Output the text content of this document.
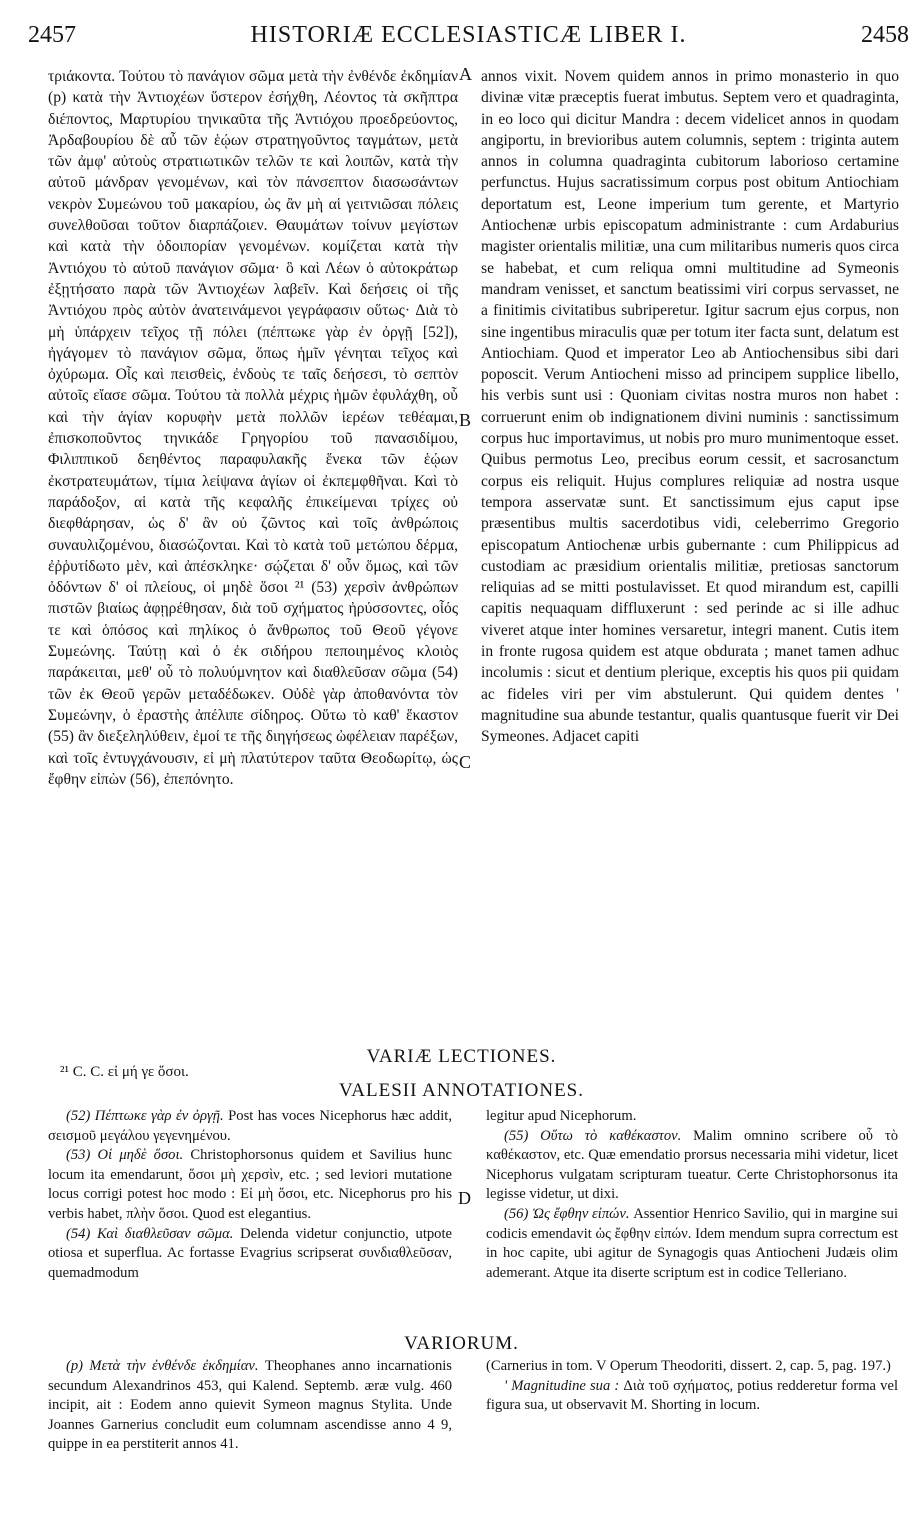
2457	HISTORIÆ ECCLESIASTICÆ LIBER I.	2458
τριάκοντα. Τούτου τὸ πανάγιον σῶμα μετὰ τὴν ἐνθένδε ἐκδημίαν (p) κατὰ τὴν Ἀντιοχέων ὕστερον ἐσήχθη, Λέοντος τὰ σκῆπτρα διέποντος, Μαρτυρίου τηνικαῦτα τῆς Ἀντιόχου προεδρεύοντος, Ἀρδαβουρίου δὲ αὖ τῶν ἑῴων στρατηγοῦντος ταγμάτων, μετὰ τῶν ἀμφ' αὐτοὺς στρατιωτικῶν τελῶν τε καὶ λοιπῶν, κατὰ τὴν αὐτοῦ μάνδραν γενομένων, καὶ τὸν πάνσεπτον διασωσάντων νεκρὸν Συμεώνου τοῦ μακαρίου, ὡς ἂν μὴ αἱ γειτνιῶσαι πόλεις συνελθοῦσαι τοῦτον διαρπάζοιεν. Θαυμάτων τοίνυν μεγίστων καὶ κατὰ τὴν ὁδοιπορίαν γενομένων. κομίζεται κατὰ τὴν Ἀντιόχου τὸ αὐτοῦ πανάγιον σῶμα· ὃ καὶ Λέων ὁ αὐτοκράτωρ ἐξῃτήσατο παρὰ τῶν Ἀντιοχέων λαβεῖν. Καὶ δεήσεις οἱ τῆς Ἀντιόχου πρὸς αὐτὸν ἀνατεινάμενοι γεγράφασιν οὕτως· Διὰ τὸ μὴ ὑπάρχειν τεῖχος τῇ πόλει (πέπτωκε γὰρ ἐν ὀργῇ [52]), ἠγάγομεν τὸ πανάγιον σῶμα, ὅπως ἡμῖν γένηται τεῖχος καὶ ὀχύρωμα. Οἷς καὶ πεισθεὶς, ἐνδοὺς τε ταῖς δεήσεσι, τὸ σεπτὸν αὐτοῖς εἴασε σῶμα. Τούτου τὰ πολλὰ μέχρις ἡμῶν ἐφυλάχθη, οὗ καὶ τὴν ἁγίαν κορυφὴν μετὰ πολλῶν ἱερέων τεθέαμαι, ἐπισκοποῦντος τηνικάδε Γρηγορίου τοῦ πανασιδίμου, Φιλιππικοῦ δεηθέντος παραφυλακῆς ἕνεκα τῶν ἑῴων ἐκστρατευμάτων, τίμια λείψανα ἁγίων οἱ ἐκπεμφθῆναι. Καὶ τὸ παράδοξον, αἱ κατὰ τῆς κεφαλῆς ἐπικείμεναι τρίχες οὐ διεφθάρησαν, ὡς δ' ἂν οὐ ζῶντος καὶ τοῖς ἀνθρώποις συναυλιζομένου, διασώζονται. Καὶ τὸ κατὰ τοῦ μετώπου δέρμα, ἐῤῥυτίδωτο μὲν, καὶ ἀπέσκληκε· σῴζεται δ' οὖν ὅμως, καὶ τῶν ὀδόντων δ' οἱ πλείους, οἱ μηδὲ ὅσοι ²¹ (53) χερσὶν ἀνθρώπων πιστῶν βιαίως ἀφῃρέθησαν, διὰ τοῦ σχήματος ἠρύσσοντες, οἷός τε καὶ ὁπόσος καὶ πηλίκος ὁ ἄνθρωπος τοῦ Θεοῦ γέγονε Συμεώνης. Ταύτῃ καὶ ὁ ἐκ σιδήρου πεποιημένος κλοιὸς παράκειται, μεθ' οὗ τὸ πολυύμνητον καὶ διαθλεῦσαν σῶμα (54) τῶν ἐκ Θεοῦ γερῶν μεταδέδωκεν. Οὐδὲ γὰρ ἀποθανόντα τὸν Συμεώνην, ὁ ἐραστὴς ἀπέλιπε σίδηρος. Οὕτω τὸ καθ' ἕκαστον (55) ἂν διεξεληλύθειν, ἐμοί τε τῆς διηγήσεως ὠφέλειαν παρέξων, καὶ τοῖς ἐντυγχάνουσιν, εἰ μὴ πλατύτερον ταῦτα Θεοδωρίτῳ, ὡς ἔφθην εἰπὼν (56), ἐπεπόνητο.
A
B
C
D
annos vixit. Novem quidem annos in primo monasterio in quo divinæ vitæ præceptis fuerat imbutus. Septem vero et quadraginta, in eo loco qui dicitur Mandra : decem videlicet annos in quodam angiportu, in brevioribus autem columnis, septem : triginta autem annos in columna quadraginta cubitorum laborioso certamine perfunctus. Hujus sacratissimum corpus post obitum Antiochiam deportatum est, Leone imperium tum gerente, et Martyrio Antiochenæ urbis episcopatum administrante : cum Ardaburius magister orientalis militiæ, una cum militaribus numeris quos circa se habebat, et cum reliqua omni multitudine ad Symeonis mandram venisset, et sanctum beatissimi viri corpus servasset, ne a finitimis civitatibus subriperetur. Igitur sacrum ejus corpus, non sine ingentibus miraculis quæ per totum iter facta sunt, delatum est Antiochiam. Quod et imperator Leo ab Antiochensibus sibi dari poposcit. Verum Antiocheni misso ad principem supplice libello, his verbis sunt usi : Quoniam civitas nostra muros non habet : corruerunt enim ob indignationem divini numinis : sanctissimum corpus huc importavimus, ut nobis pro muro munimentoque esset. Quibus permotus Leo, precibus eorum cessit, et sacrosanctum corpus eis reliquit. Hujus complures reliquiæ ad nostra usque tempora asservatæ sunt. Et sanctissimum ejus caput ipse præsentibus multis sacerdotibus vidi, celeberrimo Gregorio episcopatum Antiochenæ urbis gubernante : cum Philippicus ad custodiam ac præsidium orientalis militiæ, pretiosas sanctorum reliquias ad se mitti postulavisset. Et quod mirandum est, capilli capitis nequaquam diffluxerunt : sed perinde ac si ille adhuc viveret atque inter homines versaretur, integri manent. Cutis item in fronte rugosa quidem est atque obdurata ; manet tamen adhuc incolumis : sicut et dentium plerique, exceptis his quos pii quidam ac fideles viri per vim abstulerunt. Qui quidem dentes ' magnitudine sua abunde testantur, qualis quantusque fuerit vir Dei Symeones. Adjacet capiti
VARIÆ LECTIONES.
²¹ C. C. εἰ μή γε ὅσοι.
VALESII ANNOTATIONES.

(52) Πέπτωκε γὰρ ἐν ὀργῇ. Post has voces Nicephorus hæc addit, σεισμοῦ μεγάλου γεγενημένου.

(53) Οἱ μηδὲ ὅσοι. Christophorsonus quidem et Savilius hunc locum ita emendarunt, ὅσοι μὴ χερσὶν, etc. ; sed leviori mutatione locus corrigi potest hoc modo : Εἰ μὴ ὅσοι, etc. Nicephorus pro his verbis habet, πλὴν ὅσοι. Quod est elegantius.

(54) Καὶ διαθλεῦσαν σῶμα. Delenda videtur conjunctio, utpote otiosa et superflua. Ac fortasse Evagrius scripserat συνδιαθλεῦσαν, quemadmodum

legitur apud Nicephorum.

(55) Οὕτω τὸ καθέκαστον. Malim omnino scribere οὗ τὸ καθέκαστον, etc. Quæ emendatio prorsus necessaria mihi videtur, licet Nicephorus vulgatam scripturam tueatur. Certe Christophorsonus ita legisse videtur, ut dixi.

(56) Ὡς ἔφθην εἰπών. Assentior Henrico Savilio, qui in margine sui codicis emendavit ὡς ἔφθην εἰπών. Idem mendum supra correctum est in hoc capite, ubi agitur de Synagogis quas Antiocheni Judæis olim ademerant. Atque ita diserte scriptum est in codice Telleriano.

VARIORUM.

(p) Μετὰ τὴν ἐνθένδε ἐκδημίαν. Theophanes anno incarnationis secundum Alexandrinos 453, qui Kalend. Septemb. æræ vulg. 460 incipit, ait : Eodem anno quievit Symeon magnus Stylita. Unde Joannes Garnerius concludit eum columnam ascendisse anno 4 9, quippe in ea perstiterit annos 41.

(Carnerius in tom. V Operum Theodoriti, dissert. 2, cap. 5, pag. 197.)

' Magnitudine sua : Διὰ τοῦ σχήματος, potius redderetur forma vel figura sua, ut observavit M. Shorting in locum.
